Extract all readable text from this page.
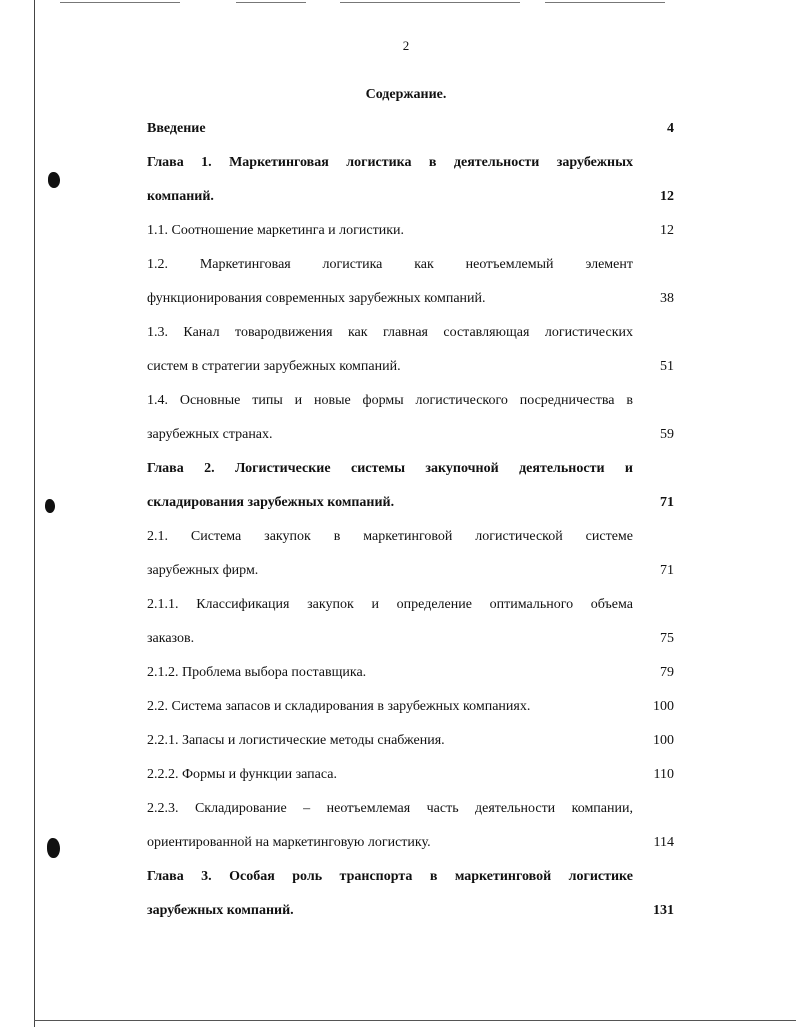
2
Содержание.
Введение	4
Глава 1. Маркетинговая логистика в деятельности зарубежных
компаний.	12
1.1. Соотношение маркетинга и логистики.	12
1.2. Маркетинговая логистика как неотъемлемый элемент
функционирования современных зарубежных компаний.	38
1.3. Канал товародвижения как главная составляющая логистических
систем в стратегии зарубежных компаний.	51
1.4. Основные типы и новые формы логистического посредничества в
зарубежных странах.	59
Глава 2. Логистические системы закупочной деятельности и
складирования зарубежных компаний.	71
2.1. Система закупок в маркетинговой логистической системе
зарубежных фирм.	71
2.1.1. Классификация закупок и определение оптимального объема
заказов.	75
2.1.2. Проблема выбора поставщика.	79
2.2. Система запасов и складирования в зарубежных компаниях.	100
2.2.1. Запасы и логистические методы снабжения.	100
2.2.2. Формы и функции запаса.	110
2.2.3. Складирование – неотъемлемая часть деятельности компании,
ориентированной на маркетинговую логистику.	114
Глава 3. Особая роль транспорта в маркетинговой логистике
зарубежных компаний.	131
